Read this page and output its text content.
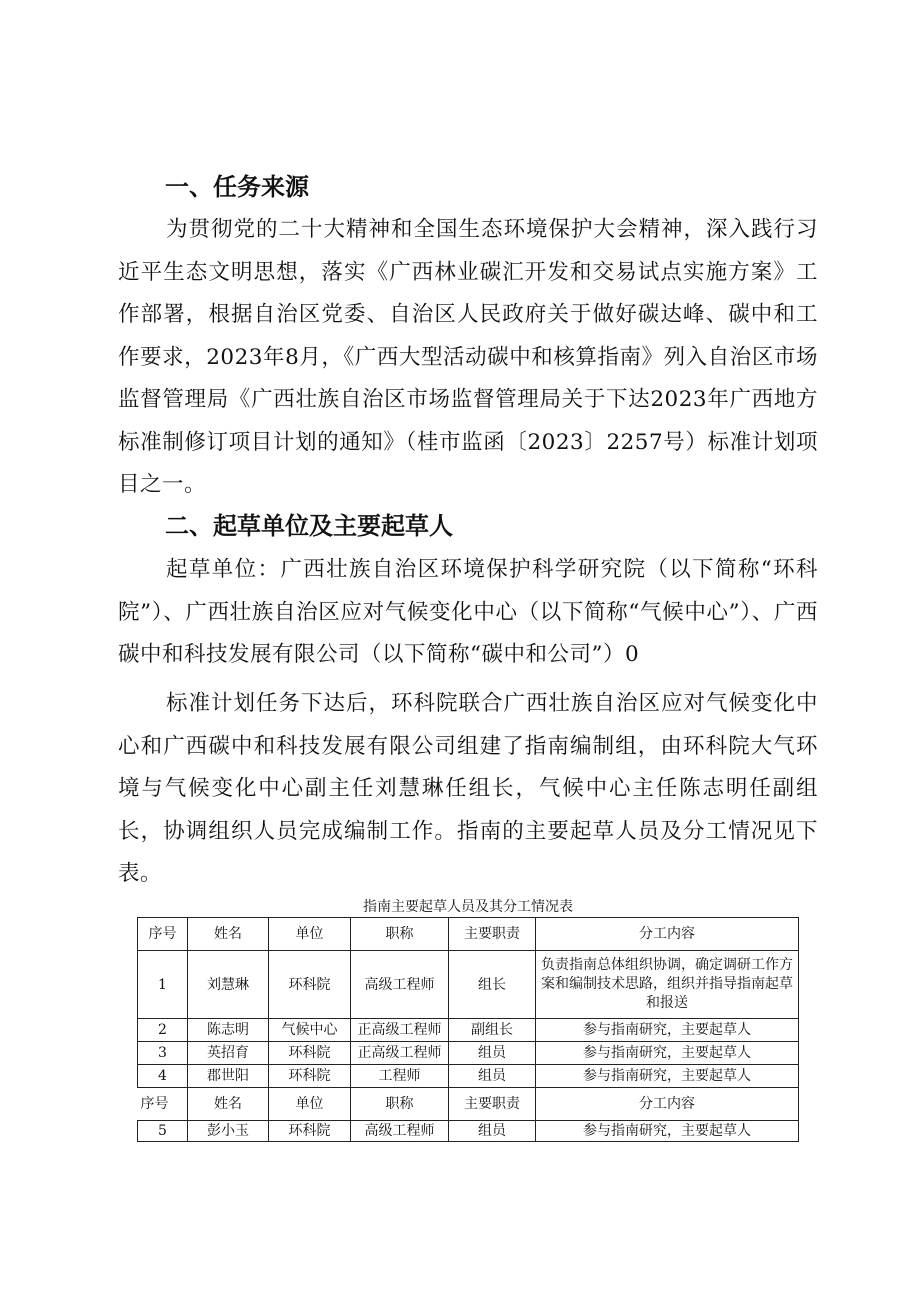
一、任务来源

为贯彻党的二十大精神和全国生态环境保护大会精神，深入践行习近平生态文明思想，落实《广西林业碳汇开发和交易试点实施方案》工作部署，根据自治区党委、自治区人民政府关于做好碳达峰、碳中和工作要求，2023年8月，《广西大型活动碳中和核算指南》列入自治区市场监督管理局《广西壮族自治区市场监督管理局关于下达2023年广西地方标准制修订项目计划的通知》（桂市监函〔2023〕2257号）标准计划项目之一。

二、起草单位及主要起草人

起草单位：广西壮族自治区环境保护科学研究院（以下简称“环科院”）、广西壮族自治区应对气候变化中心（以下简称“气候中心”）、广西碳中和科技发展有限公司（以下简称“碳中和公司”）0

标准计划任务下达后，环科院联合广西壮族自治区应对气候变化中心和广西碳中和科技发展有限公司组建了指南编制组，由环科院大气环境与气候变化中心副主任刘慧琳任组长，气候中心主任陈志明任副组长，协调组织人员完成编制工作。指南的主要起草人员及分工情况见下表。

指南主要起草人员及其分工情况表
序号	姓名	单位	职称	主要职责	分工内容
1	刘慧琳	环科院	高级工程师	组长	负责指南总体组织协调，确定调研工作方案和编制技术思路，组织并指导指南起草和报送
2	陈志明	气候中心	正高级工程师	副组长	参与指南研究，主要起草人
3	英招育	环科院	正高级工程师	组员	参与指南研究，主要起草人
4	郡世阳	环科院	工程师	组员	参与指南研究，主要起草人
序号	姓名	单位	职称	主要职责	分工内容
5	彭小玉	环科院	高级工程师	组员	参与指南研究，主要起草人
